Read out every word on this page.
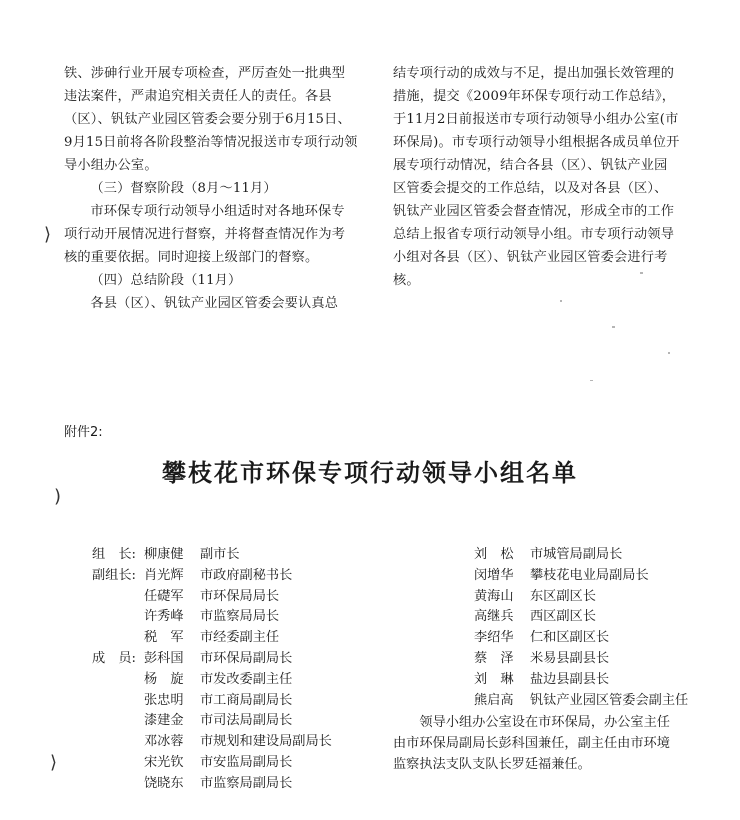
铁、涉砷行业开展专项检查，严厉查处一批典型

违法案件，严肃追究相关责任人的责任。各县

（区）、钒钛产业园区管委会要分别于6月15日、

9月15日前将各阶段整治等情况报送市专项行动领

导小组办公室。

（三）督察阶段（8月～11月）

市环保专项行动领导小组适时对各地环保专

项行动开展情况进行督察，并将督查情况作为考

核的重要依据。同时迎接上级部门的督察。

（四）总结阶段（11月）

各县（区）、钒钛产业园区管委会要认真总

结专项行动的成效与不足，提出加强长效管理的

措施，提交《2009年环保专项行动工作总结》，

于11月2日前报送市专项行动领导小组办公室(市

环保局)。市专项行动领导小组根据各成员单位开

展专项行动情况，结合各县（区）、钒钛产业园

区管委会提交的工作总结，以及对各县（区）、

钒钛产业园区管委会督查情况，形成全市的工作

总结上报省专项行动领导小组。市专项行动领导

小组对各县（区）、钒钛产业园区管委会进行考

核。

附件2:
攀枝花市环保专项行动领导小组名单
组　长: 柳康健	副市长
副组长: 肖光辉	市政府副秘书长
任礎军	市环保局局长
许秀峰	市监察局局长
税　军	市经委副主任
成　员: 彭科国	市环保局副局长
杨　旋	市发改委副主任
张忠明	市工商局副局长
漆建金	市司法局副局长
邓冰蓉	市规划和建设局副局长
宋光钦	市安监局副局长
饶晓东	市监察局副局长
刘　松	市城管局副局长
闵增华	攀枝花电业局副局长
黄海山	东区副区长
高继兵	西区副区长
李绍华	仁和区副区长
蔡　泽	米易县副县长
刘　琳	盐边县副县长
熊启高	钒钛产业园区管委会副主任

领导小组办公室设在市环保局，办公室主任

由市环保局副局长彭科国兼任，副主任由市环境

监察执法支队支队长罗廷福兼任。

⟩
)
⟩
